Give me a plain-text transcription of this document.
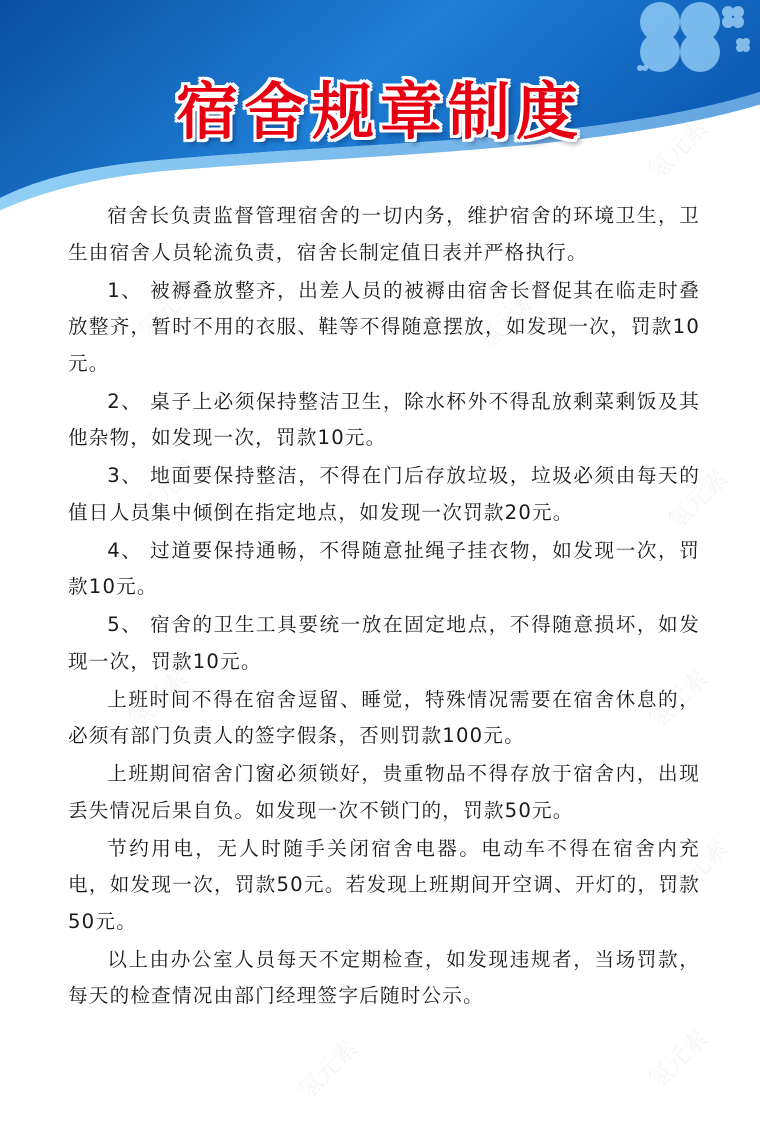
宿舍规章制度

宿舍长负责监督管理宿舍的一切内务，维护宿舍的环境卫生，卫生由宿舍人员轮流负责，宿舍长制定值日表并严格执行。

1、 被褥叠放整齐，出差人员的被褥由宿舍长督促其在临走时叠放整齐，暂时不用的衣服、鞋等不得随意摆放，如发现一次，罚款10元。

2、 桌子上必须保持整洁卫生，除水杯外不得乱放剩菜剩饭及其他杂物，如发现一次，罚款10元。

3、 地面要保持整洁，不得在门后存放垃圾，垃圾必须由每天的值日人员集中倾倒在指定地点，如发现一次罚款20元。

4、 过道要保持通畅，不得随意扯绳子挂衣物，如发现一次，罚款10元。

5、 宿舍的卫生工具要统一放在固定地点，不得随意损坏，如发现一次，罚款10元。

上班时间不得在宿舍逗留、睡觉，特殊情况需要在宿舍休息的，必须有部门负责人的签字假条，否则罚款100元。

上班期间宿舍门窗必须锁好，贵重物品不得存放于宿舍内，出现丢失情况后果自负。如发现一次不锁门的，罚款50元。

节约用电，无人时随手关闭宿舍电器。电动车不得在宿舍内充电，如发现一次，罚款50元。若发现上班期间开空调、开灯的，罚款50元。

以上由办公室人员每天不定期检查，如发现违规者，当场罚款，每天的检查情况由部门经理签字后随时公示。
